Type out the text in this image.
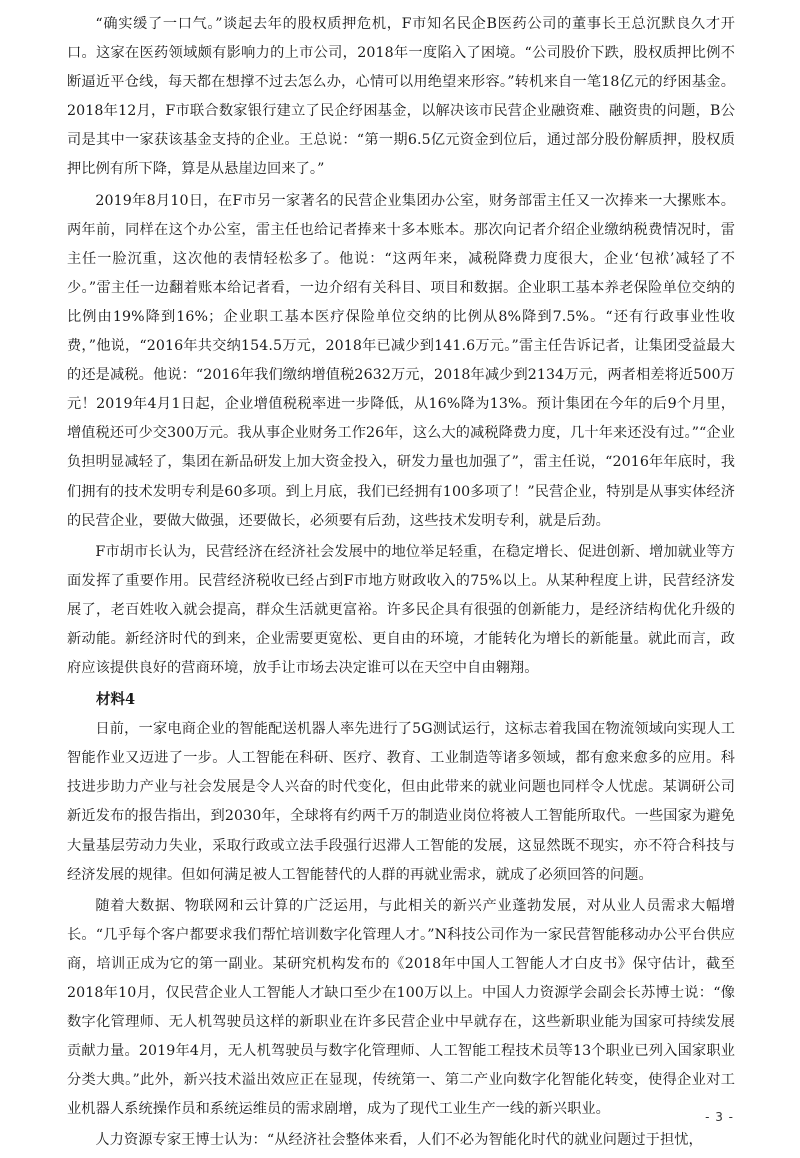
“确实缓了一口气。”谈起去年的股权质押危机，F市知名民企B医药公司的董事长王总沉默良久才开口。这家在医药领域颇有影响力的上市公司，2018年一度陷入了困境。“公司股价下跌，股权质押比例不断逼近平仓线，每天都在想撑不过去怎么办，心情可以用绝望来形容。”转机来自一笔18亿元的纾困基金。2018年12月，F市联合数家银行建立了民企纾困基金，以解决该市民营企业融资难、融资贵的问题，B公司是其中一家获该基金支持的企业。王总说：“第一期6.5亿元资金到位后，通过部分股份解质押，股权质押比例有所下降，算是从悬崖边回来了。”

2019年8月10日，在F市另一家著名的民营企业集团办公室，财务部雷主任又一次捧来一大摞账本。两年前，同样在这个办公室，雷主任也给记者捧来十多本账本。那次向记者介绍企业缴纳税费情况时，雷主任一脸沉重，这次他的表情轻松多了。他说：“这两年来，减税降费力度很大，企业‘包袱’减轻了不少。”雷主任一边翻着账本给记者看，一边介绍有关科目、项目和数据。企业职工基本养老保险单位交纳的比例由19%降到16%；企业职工基本医疗保险单位交纳的比例从8%降到7.5%。“还有行政事业性收费，”他说，“2016年共交纳154.5万元，2018年已减少到141.6万元。”雷主任告诉记者，让集团受益最大的还是减税。他说：“2016年我们缴纳增值税2632万元，2018年减少到2134万元，两者相差将近500万元！2019年4月1日起，企业增值税税率进一步降低，从16%降为13%。预计集团在今年的后9个月里，增值税还可少交300万元。我从事企业财务工作26年，这么大的减税降费力度，几十年来还没有过。”“企业负担明显减轻了，集团在新品研发上加大资金投入，研发力量也加强了”，雷主任说，“2016年年底时，我们拥有的技术发明专利是60多项。到上月底，我们已经拥有100多项了！”民营企业，特别是从事实体经济的民营企业，要做大做强，还要做长，必须要有后劲，这些技术发明专利，就是后劲。

F市胡市长认为，民营经济在经济社会发展中的地位举足轻重，在稳定增长、促进创新、增加就业等方面发挥了重要作用。民营经济税收已经占到F市地方财政收入的75%以上。从某种程度上讲，民营经济发展了，老百姓收入就会提高，群众生活就更富裕。许多民企具有很强的创新能力，是经济结构优化升级的新动能。新经济时代的到来，企业需要更宽松、更自由的环境，才能转化为增长的新能量。就此而言，政府应该提供良好的营商环境，放手让市场去决定谁可以在天空中自由翱翔。

材料4

日前，一家电商企业的智能配送机器人率先进行了5G测试运行，这标志着我国在物流领域向实现人工智能作业又迈进了一步。人工智能在科研、医疗、教育、工业制造等诸多领域，都有愈来愈多的应用。科技进步助力产业与社会发展是令人兴奋的时代变化，但由此带来的就业问题也同样令人忧虑。某调研公司新近发布的报告指出，到2030年，全球将有约两千万的制造业岗位将被人工智能所取代。一些国家为避免大量基层劳动力失业，采取行政或立法手段强行迟滞人工智能的发展，这显然既不现实，亦不符合科技与经济发展的规律。但如何满足被人工智能替代的人群的再就业需求，就成了必须回答的问题。

随着大数据、物联网和云计算的广泛运用，与此相关的新兴产业蓬勃发展，对从业人员需求大幅增长。“几乎每个客户都要求我们帮忙培训数字化管理人才。”N科技公司作为一家民营智能移动办公平台供应商，培训正成为它的第一副业。某研究机构发布的《2018年中国人工智能人才白皮书》保守估计，截至2018年10月，仅民营企业人工智能人才缺口至少在100万以上。中国人力资源学会副会长苏博士说：“像数字化管理师、无人机驾驶员这样的新职业在许多民营企业中早就存在，这些新职业能为国家可持续发展贡献力量。2019年4月，无人机驾驶员与数字化管理师、人工智能工程技术员等13个职业已列入国家职业分类大典。”此外，新兴技术溢出效应正在显现，传统第一、第二产业向数字化智能化转变，使得企业对工业机器人系统操作员和系统运维员的需求剧增，成为了现代工业生产一线的新兴职业。

人力资源专家王博士认为：“从经济社会整体来看，人们不必为智能化时代的就业问题过于担忧，

- 3 -
